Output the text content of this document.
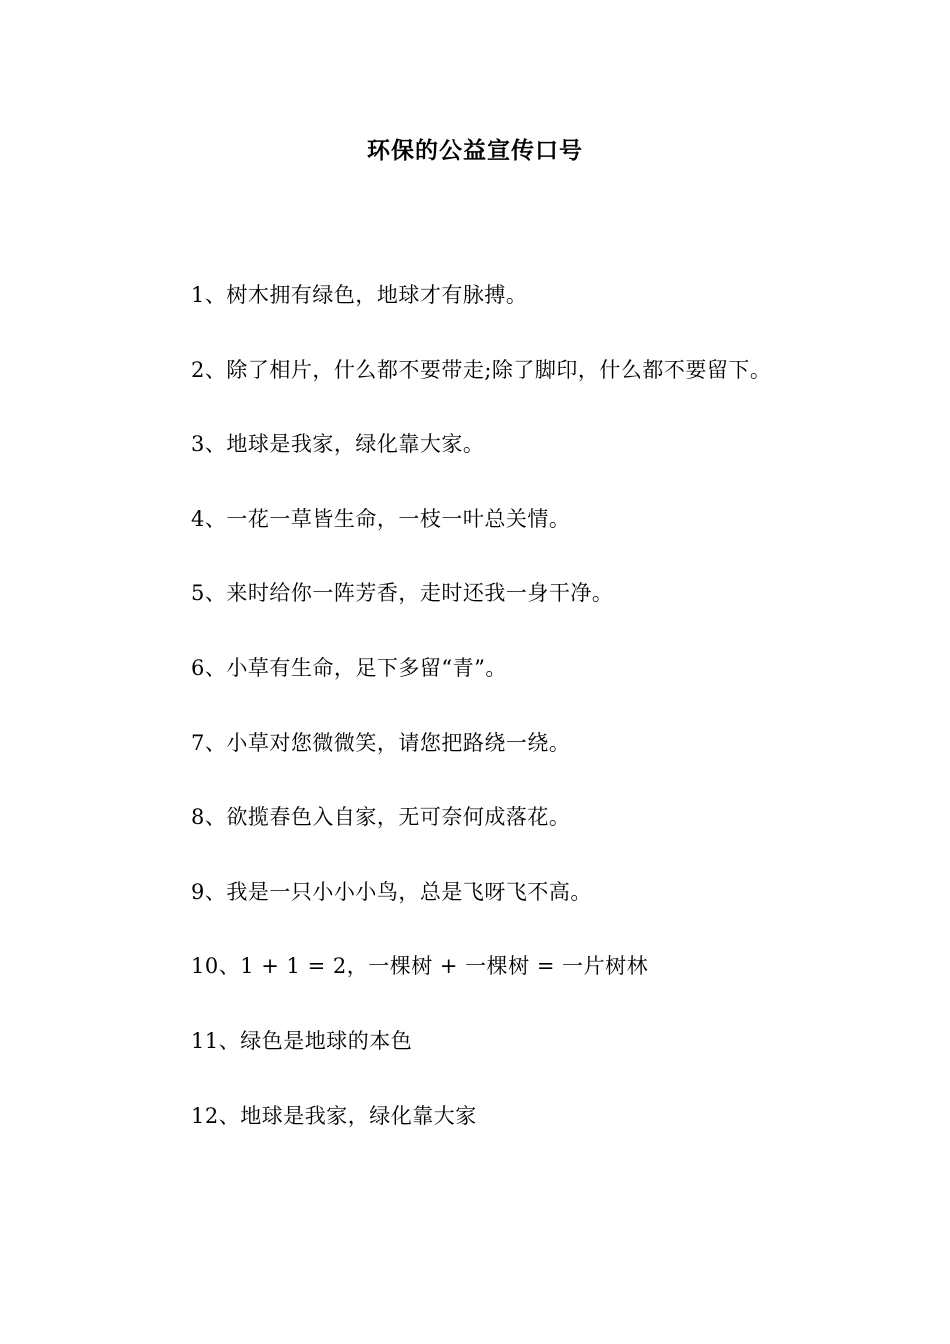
环保的公益宣传口号
1、树木拥有绿色，地球才有脉搏。
2、除了相片，什么都不要带走;除了脚印，什么都不要留下。
3、地球是我家，绿化靠大家。
4、一花一草皆生命，一枝一叶总关情。
5、来时给你一阵芳香，走时还我一身干净。
6、小草有生命，足下多留“青”。
7、小草对您微微笑，请您把路绕一绕。
8、欲揽春色入自家，无可奈何成落花。
9、我是一只小小小鸟，总是飞呀飞不高。
10、1 + 1 = 2，一棵树 + 一棵树 = 一片树林
11、绿色是地球的本色
12、地球是我家，绿化靠大家
